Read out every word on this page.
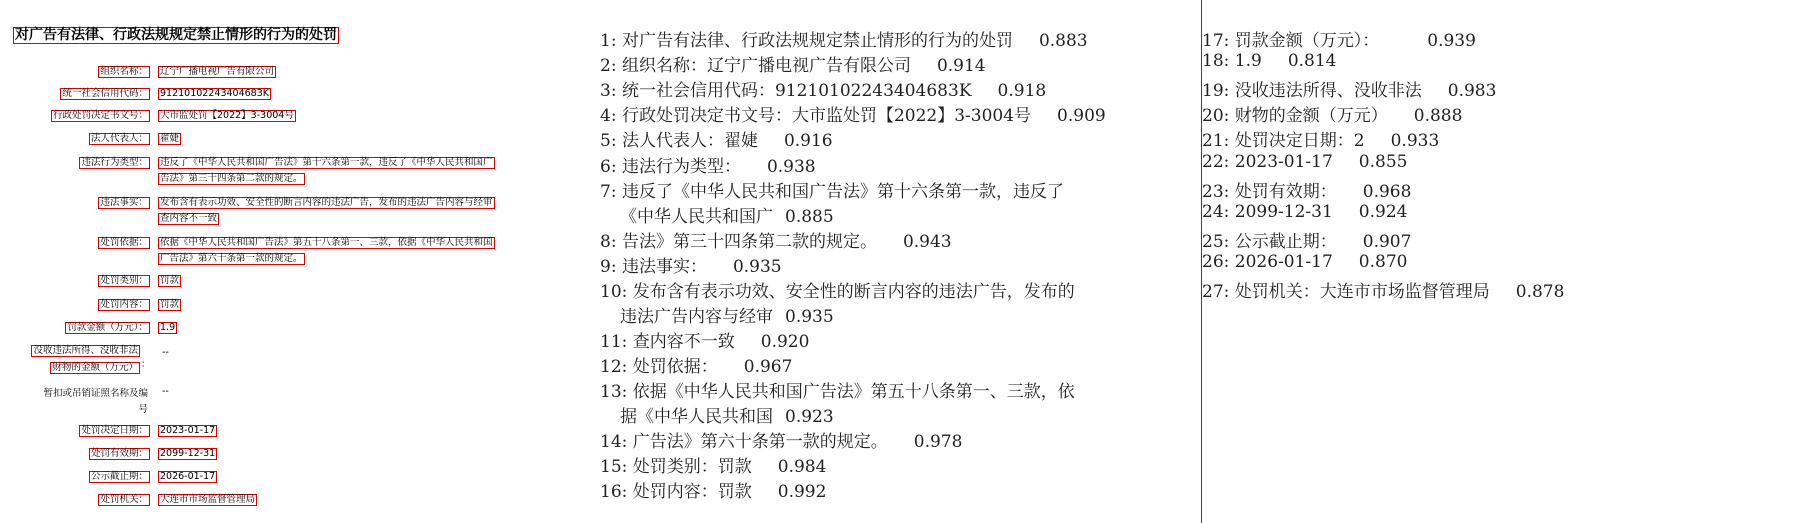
对广告有法律、行政法规规定禁止情形的行为的处罚
组织名称： 辽宁广播电视广告有限公司
统一社会信用代码： 91210102243404683K
行政处罚决定书文号： 大市监处罚【2022】3-3004号
法人代表人： 翟婕
违法行为类型： 违反了《中华人民共和国广告法》第十六条第一款，违反了《中华人民共和国广
告法》第三十四条第二款的规定。
违法事实： 发布含有表示功效、安全性的断言内容的违法广告，发布的违法广告内容与经审
查内容不一致
处罚依据： 依据《中华人民共和国广告法》第五十八条第一、三款，依据《中华人民共和国
广告法》第六十条第一款的规定。
处罚类别： 罚款
处罚内容： 罚款
罚款金额（万元）： 1.9
没收违法所得、没收非法
财物的金额（万元） ：
--
暂扣或吊销证照名称及编
号
--
处罚决定日期： 2023-01-17
处罚有效期： 2099-12-31
公示截止期： 2026-01-17
处罚机关： 大连市市场监督管理局
1: 对广告有法律、行政法规规定禁止情形的行为的处罚 0.883
2: 组织名称：辽宁广播电视广告有限公司 0.914
3: 统一社会信用代码：91210102243404683K 0.918
4: 行政处罚决定书文号：大市监处罚【2022】3-3004号 0.909
5: 法人代表人：翟婕 0.916
6: 违法行为类型： 0.938
7: 违反了《中华人民共和国广告法》第十六条第一款，违反了
《中华人民共和国广 0.885
8: 告法》第三十四条第二款的规定。 0.943
9: 违法事实： 0.935
10: 发布含有表示功效、安全性的断言内容的违法广告，发布的
违法广告内容与经审 0.935
11: 查内容不一致 0.920
12: 处罚依据： 0.967
13: 依据《中华人民共和国广告法》第五十八条第一、三款，依
据《中华人民共和国 0.923
14: 广告法》第六十条第一款的规定。 0.978
15: 处罚类别：罚款 0.984
16: 处罚内容：罚款 0.992
17: 罚款金额（万元）：	0.939
18: 1.9 0.814
19: 没收违法所得、没收非法 0.983
20: 财物的金额（万元） 0.888
21: 处罚决定日期：2 0.933
22: 2023-01-17 0.855
23: 处罚有效期： 0.968
24: 2099-12-31 0.924
25: 公示截止期： 0.907
26: 2026-01-17 0.870
27: 处罚机关：大连市市场监督管理局 0.878
